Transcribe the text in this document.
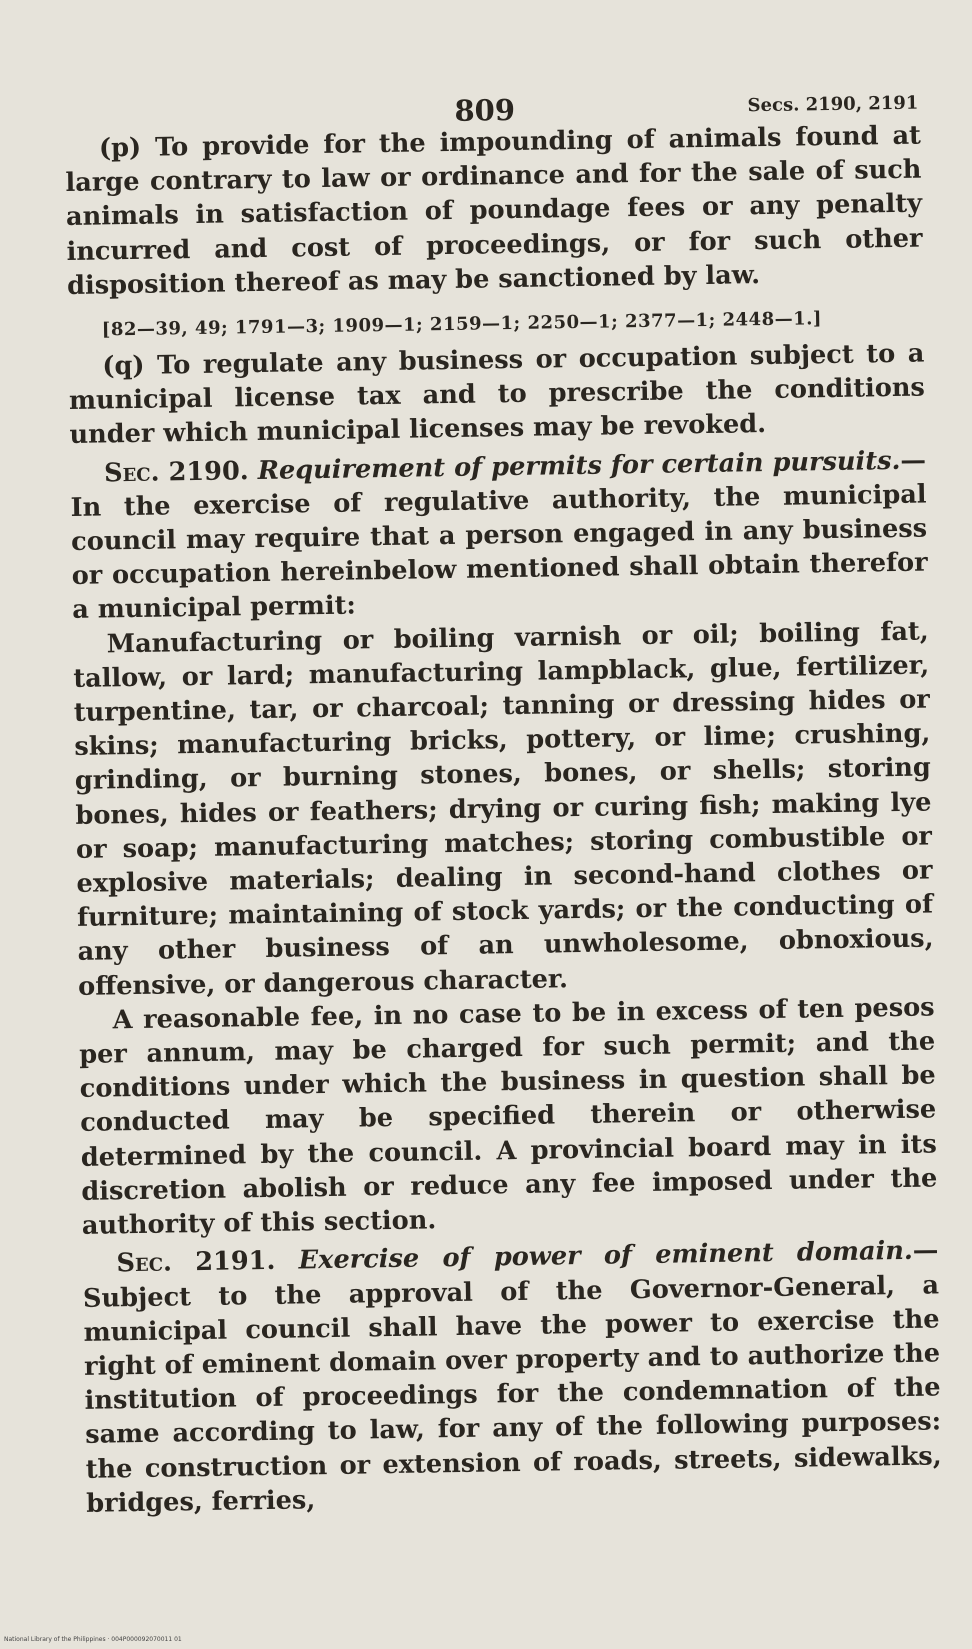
809	Secs. 2190, 2191

(p) To provide for the impounding of animals found at large contrary to law or ordinance and for the sale of such animals in satisfaction of poundage fees or any penalty incurred and cost of proceedings, or for such other disposition thereof as may be sanctioned by law.

[82—39, 49; 1791—3; 1909—1; 2159—1; 2250—1; 2377—1; 2448—1.]

(q) To regulate any business or occupation subject to a municipal license tax and to prescribe the conditions under which municipal licenses may be revoked.

Sec. 2190. Requirement of permits for certain pursuits.—In the exercise of regulative authority, the municipal council may require that a person engaged in any business or occupation hereinbelow mentioned shall obtain therefor a municipal permit:

Manufacturing or boiling varnish or oil; boiling fat, tallow, or lard; manufacturing lampblack, glue, fertilizer, turpentine, tar, or charcoal; tanning or dressing hides or skins; manufacturing bricks, pottery, or lime; crushing, grinding, or burning stones, bones, or shells; storing bones, hides or feathers; drying or curing fish; making lye or soap; manufacturing matches; storing combustible or explosive materials; dealing in second-hand clothes or furniture; maintaining of stock yards; or the conducting of any other business of an unwholesome, obnoxious, offensive, or dangerous character.

A reasonable fee, in no case to be in excess of ten pesos per annum, may be charged for such permit; and the conditions under which the business in question shall be conducted may be specified therein or otherwise determined by the council. A provincial board may in its discretion abolish or reduce any fee imposed under the authority of this section.

Sec. 2191. Exercise of power of eminent domain.—Subject to the approval of the Governor-General, a municipal council shall have the power to exercise the right of eminent domain over property and to authorize the institution of proceedings for the condemnation of the same according to law, for any of the following purposes: the construction or extension of roads, streets, sidewalks, bridges, ferries,

National Library of the Philippines · 004P000092070011 01
